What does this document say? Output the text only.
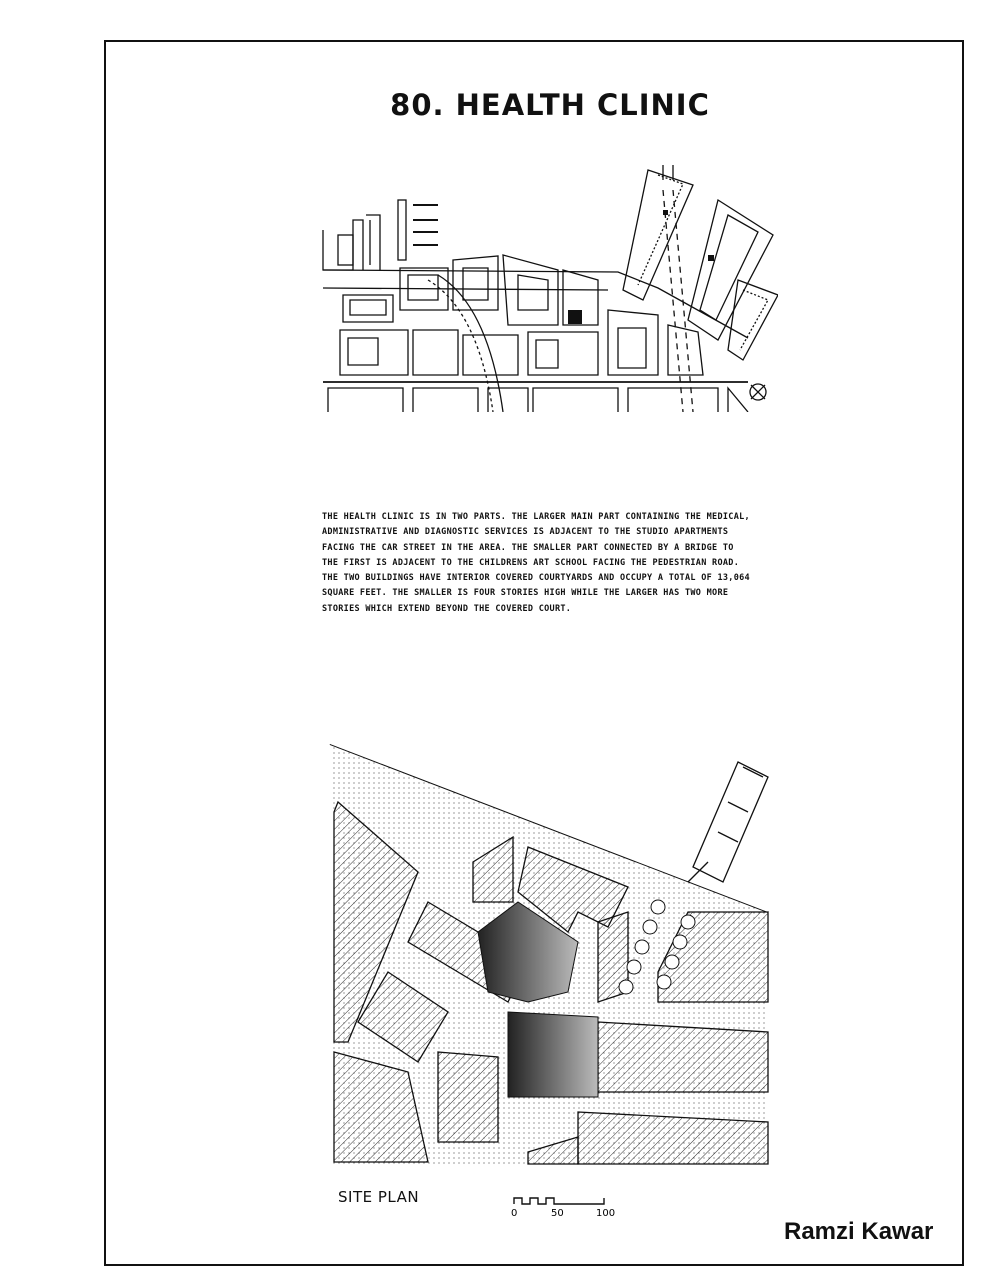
80. HEALTH CLINIC
THE HEALTH CLINIC IS IN TWO PARTS. THE LARGER MAIN PART CONTAINING THE MEDICAL,
ADMINISTRATIVE AND DIAGNOSTIC SERVICES IS ADJACENT TO THE STUDIO APARTMENTS
FACING THE CAR STREET IN THE AREA. THE SMALLER PART CONNECTED BY A BRIDGE TO
THE FIRST IS ADJACENT TO THE CHILDRENS ART SCHOOL FACING THE PEDESTRIAN ROAD.
THE TWO BUILDINGS HAVE INTERIOR COVERED COURTYARDS AND OCCUPY A TOTAL OF 13,064
SQUARE FEET. THE SMALLER IS FOUR STORIES HIGH WHILE THE LARGER HAS TWO MORE
STORIES WHICH EXTEND BEYOND THE COVERED COURT.
SITE PLAN
0	50	100
Ramzi Kawar
